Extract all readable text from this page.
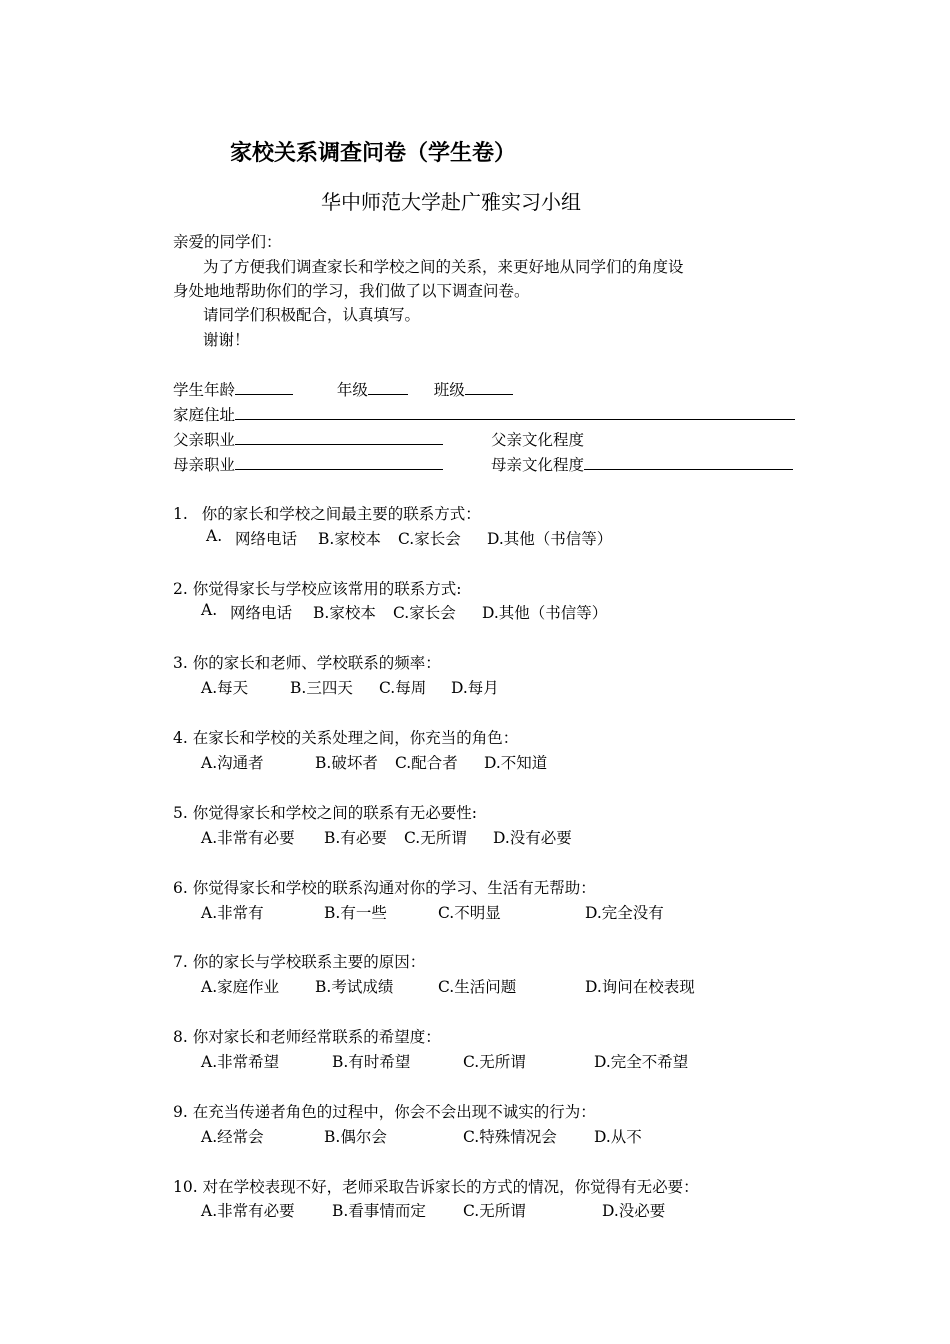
家校关系调查问卷（学生卷）
华中师范大学赴广雅实习小组
亲爱的同学们：
为了方便我们调查家长和学校之间的关系，来更好地从同学们的角度设
身处地地帮助你们的学习，我们做了以下调查问卷。
请同学们积极配合，认真填写。
谢谢！
学生年龄	年级	班级
家庭住址
父亲职业	父亲文化程度
母亲职业	母亲文化程度
1. 你的家长和学校之间最主要的联系方式：
A. 网络电话 B.家校本 C.家长会 D.其他（书信等）
2. 你觉得家长与学校应该常用的联系方式:
A. 网络电话 B.家校本 C.家长会 D.其他（书信等）
3. 你的家长和老师、学校联系的频率：
A.每天	B.三四天 C.每周 D.每月
4. 在家长和学校的关系处理之间，你充当的角色：
A.沟通者	B.破坏者 C.配合者 D.不知道
5. 你觉得家长和学校之间的联系有无必要性:
A.非常有必要 B.有必要 C.无所谓 D.没有必要
6. 你觉得家长和学校的联系沟通对你的学习、生活有无帮助：
A.非常有	B.有一些	C.不明显	D.完全没有
7. 你的家长与学校联系主要的原因：
A.家庭作业 B.考试成绩	C.生活问题	D.询问在校表现
8. 你对家长和老师经常联系的希望度：
A.非常希望	B.有时希望	C.无所谓	D.完全不希望
9. 在充当传递者角色的过程中，你会不会出现不诚实的行为：
A.经常会	B.偶尔会	C.特殊情况会 D.从不
10. 对在学校表现不好，老师采取告诉家长的方式的情况，你觉得有无必要：
A.非常有必要 B.看事情而定 C.无所谓	D.没必要
